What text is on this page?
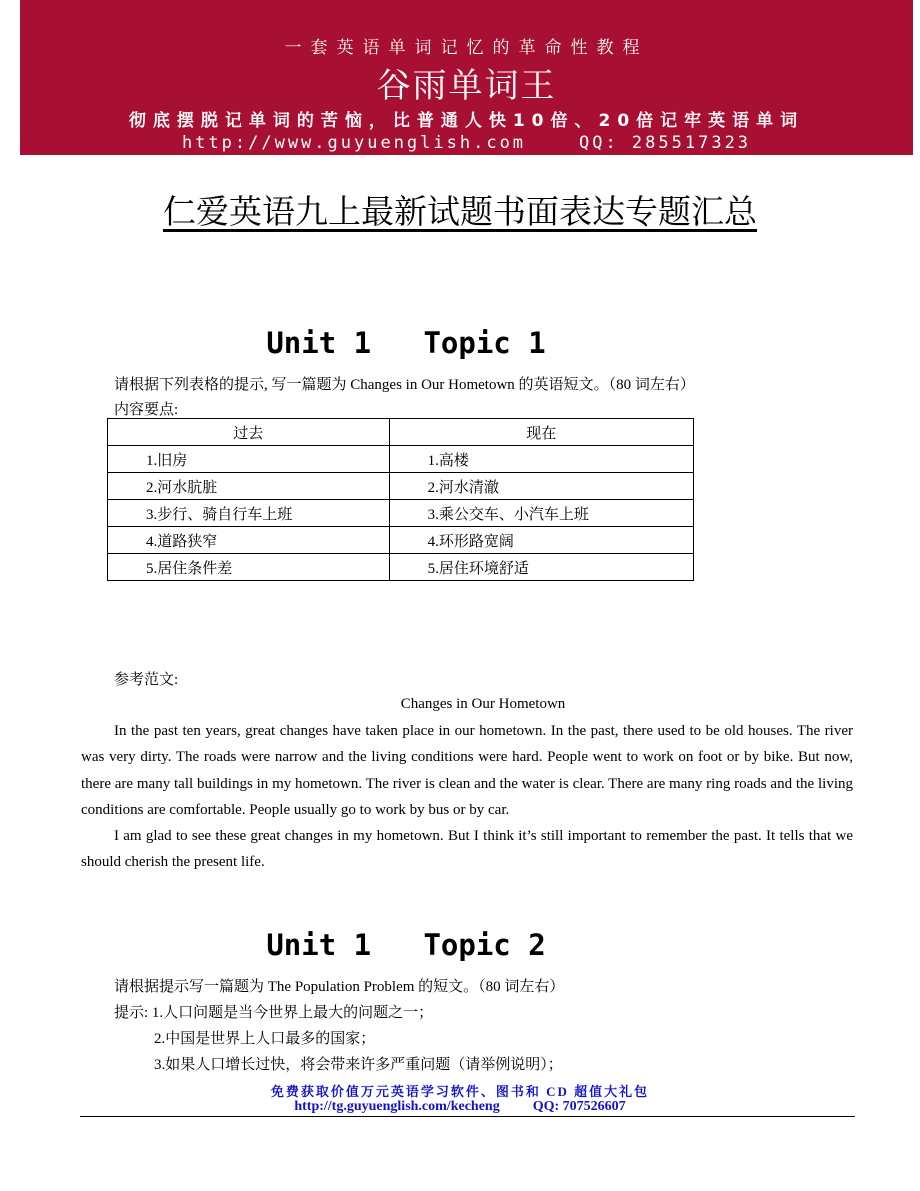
一套英语单词记忆的革命性教程
谷雨单词王
彻底摆脱记单词的苦恼，比普通人快10倍、20倍记牢英语单词
http://www.guyuenglish.com    QQ: 285517323
仁爱英语九上最新试题书面表达专题汇总
Unit 1   Topic 1
请根据下列表格的提示, 写一篇题为 Changes in Our Hometown 的英语短文。（80 词左右）
内容要点:
过去	现在
1.旧房	1.高楼
2.河水肮脏	2.河水清澈
3.步行、骑自行车上班	3.乘公交车、小汽车上班
4.道路狭窄	4.环形路宽阔
5.居住条件差	5.居住环境舒适
参考范文:
Changes in Our Hometown

In the past ten years, great changes have taken place in our hometown. In the past, there used to be old houses. The river was very dirty. The roads were narrow and the living conditions were hard. People went to work on foot or by bike. But now, there are many tall buildings in my hometown. The river is clean and the water is clear. There are many ring roads and the living conditions are comfortable. People usually go to work by bus or by car.

I am glad to see these great changes in my hometown. But I think it’s still important to remember the past. It tells that we should cherish the present life.

Unit 1   Topic 2
请根据提示写一篇题为 The Population Problem 的短文。（80 词左右）
提示: 1.人口问题是当今世界上最大的问题之一；
2.中国是世界上人口最多的国家；
3.如果人口增长过快，将会带来许多严重问题（请举例说明）；
免费获取价值万元英语学习软件、图书和 CD 超值大礼包
http://tg.guyuenglish.com/kecheng QQ: 707526607
